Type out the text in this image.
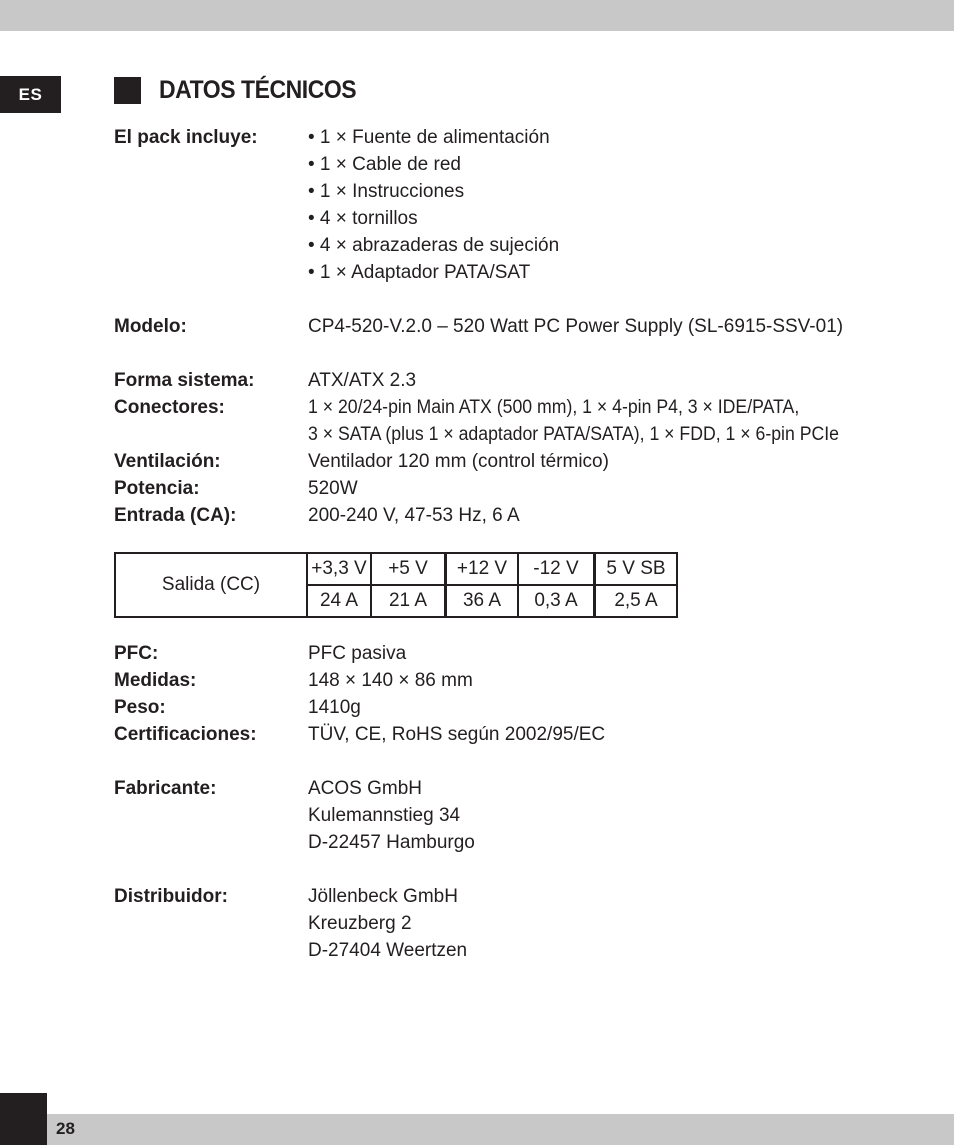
ES	DATOS TÉCNICOS
El pack incluye:	• 1 × Fuente de alimentación
• 1 × Cable de red
• 1 × Instrucciones
• 4 × tornillos
• 4 × abrazaderas de sujeción
• 1 × Adaptador PATA/SAT
Modelo:	CP4-520-V.2.0 – 520 Watt PC Power Supply (SL-6915-SSV-01)
Forma sistema:	ATX/ATX 2.3
Conectores:	1 × 20/24-pin Main ATX (500 mm), 1 × 4-pin P4, 3 × IDE/PATA,
3 × SATA (plus 1 × adaptador PATA/SATA), 1 × FDD, 1 × 6-pin PCIe
Ventilación:	Ventilador 120 mm (control térmico)
Potencia:	520W
Entrada (CA):	200-240 V, 47-53 Hz, 6 A
Salida (CC)	+3,3 V	+5 V	+12 V	-12 V	5 V SB
	24 A	21 A	36 A	0,3 A	2,5 A
PFC:	PFC pasiva
Medidas:	148 × 140 × 86 mm
Peso:	1410g
Certificaciones:	TÜV, CE, RoHS según 2002/95/EC
Fabricante:	ACOS GmbH
Kulemannstieg 34
D-22457 Hamburgo
Distribuidor:	Jöllenbeck GmbH
Kreuzberg 2
D-27404 Weertzen
28
